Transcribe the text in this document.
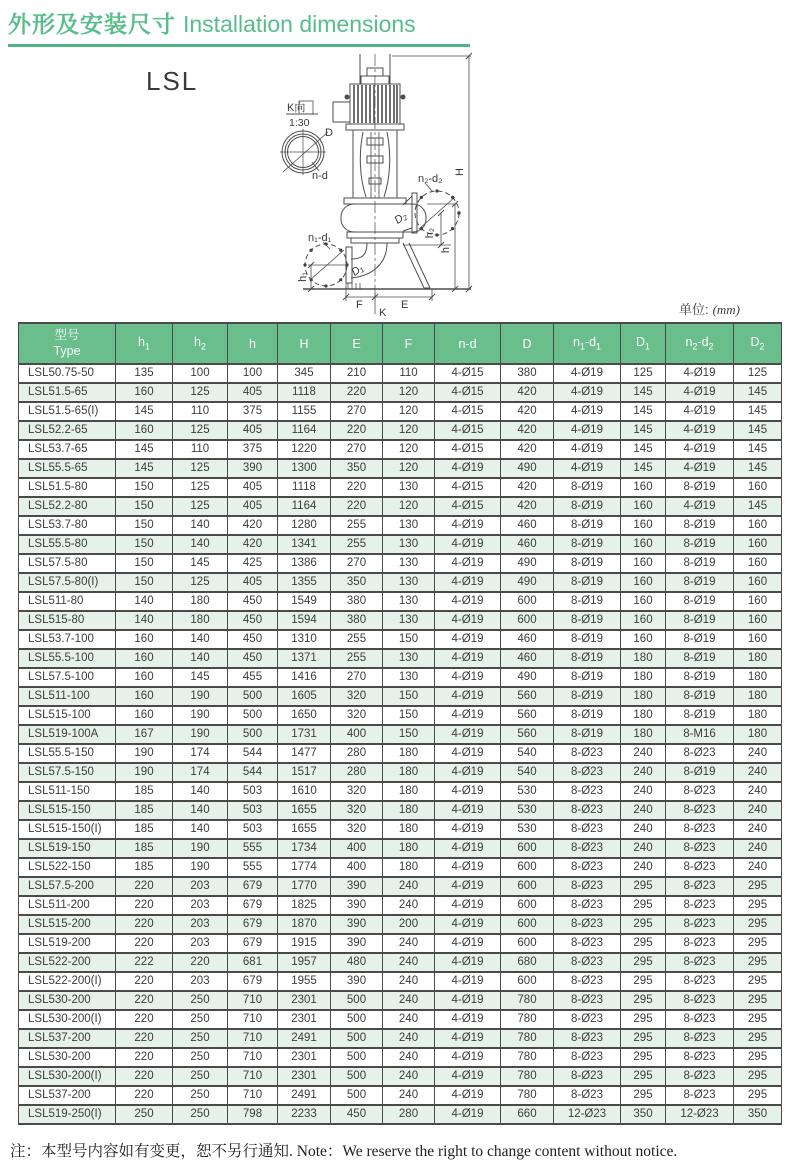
外形及安装尺寸 Installation dimensions
LSL
K向
1:30
D
n-d	n₂-d₂
D₂
h₂
h
H
n₁-d₁
D₁
h₁
F	E
K	单位: (mm)
型号
Type	$h_1$	$h_2$	h	H	E	F	n-d	D	$n_1-d_1$	$D_1$	$n_2-d_2$	$D_2$
LSL50.75-50	135	100	100	345	210	110	4-Ø15	380	4-Ø19	125	4-Ø19	125
LSL51.5-65	160	125	405	1118	220	120	4-Ø15	420	4-Ø19	145	4-Ø19	145
LSL51.5-65(I)	145	110	375	1155	270	120	4-Ø15	420	4-Ø19	145	4-Ø19	145
LSL52.2-65	160	125	405	1164	220	120	4-Ø15	420	4-Ø19	145	4-Ø19	145
LSL53.7-65	145	110	375	1220	270	120	4-Ø15	420	4-Ø19	145	4-Ø19	145
LSL55.5-65	145	125	390	1300	350	120	4-Ø19	490	4-Ø19	145	4-Ø19	145
LSL51.5-80	150	125	405	1118	220	130	4-Ø15	420	8-Ø19	160	8-Ø19	160
LSL52.2-80	150	125	405	1164	220	120	4-Ø15	420	8-Ø19	160	4-Ø19	145
LSL53.7-80	150	140	420	1280	255	130	4-Ø19	460	8-Ø19	160	8-Ø19	160
LSL55.5-80	150	140	420	1341	255	130	4-Ø19	460	8-Ø19	160	8-Ø19	160
LSL57.5-80	150	145	425	1386	270	130	4-Ø19	490	8-Ø19	160	8-Ø19	160
LSL57.5-80(I)	150	125	405	1355	350	130	4-Ø19	490	8-Ø19	160	8-Ø19	160
LSL511-80	140	180	450	1549	380	130	4-Ø19	600	8-Ø19	160	8-Ø19	160
LSL515-80	140	180	450	1594	380	130	4-Ø19	600	8-Ø19	160	8-Ø19	160
LSL53.7-100	160	140	450	1310	255	150	4-Ø19	460	8-Ø19	160	8-Ø19	160
LSL55.5-100	160	140	450	1371	255	130	4-Ø19	460	8-Ø19	180	8-Ø19	180
LSL57.5-100	160	145	455	1416	270	130	4-Ø19	490	8-Ø19	180	8-Ø19	180
LSL511-100	160	190	500	1605	320	150	4-Ø19	560	8-Ø19	180	8-Ø19	180
LSL515-100	160	190	500	1650	320	150	4-Ø19	560	8-Ø19	180	8-Ø19	180
LSL519-100A	167	190	500	1731	400	150	4-Ø19	560	8-Ø19	180	8-M16	180
LSL55.5-150	190	174	544	1477	280	180	4-Ø19	540	8-Ø23	240	8-Ø23	240
LSL57.5-150	190	174	544	1517	280	180	4-Ø19	540	8-Ø23	240	8-Ø19	240
LSL511-150	185	140	503	1610	320	180	4-Ø19	530	8-Ø23	240	8-Ø23	240
LSL515-150	185	140	503	1655	320	180	4-Ø19	530	8-Ø23	240	8-Ø23	240
LSL515-150(I)	185	140	503	1655	320	180	4-Ø19	530	8-Ø23	240	8-Ø23	240
LSL519-150	185	190	555	1734	400	180	4-Ø19	600	8-Ø23	240	8-Ø23	240
LSL522-150	185	190	555	1774	400	180	4-Ø19	600	8-Ø23	240	8-Ø23	240
LSL57.5-200	220	203	679	1770	390	240	4-Ø19	600	8-Ø23	295	8-Ø23	295
LSL511-200	220	203	679	1825	390	240	4-Ø19	600	8-Ø23	295	8-Ø23	295
LSL515-200	220	203	679	1870	390	200	4-Ø19	600	8-Ø23	295	8-Ø23	295
LSL519-200	220	203	679	1915	390	240	4-Ø19	600	8-Ø23	295	8-Ø23	295
LSL522-200	222	220	681	1957	480	240	4-Ø19	680	8-Ø23	295	8-Ø23	295
LSL522-200(I)	220	203	679	1955	390	240	4-Ø19	600	8-Ø23	295	8-Ø23	295
LSL530-200	220	250	710	2301	500	240	4-Ø19	780	8-Ø23	295	8-Ø23	295
LSL530-200(I)	220	250	710	2301	500	240	4-Ø19	780	8-Ø23	295	8-Ø23	295
LSL537-200	220	250	710	2491	500	240	4-Ø19	780	8-Ø23	295	8-Ø23	295
LSL530-200	220	250	710	2301	500	240	4-Ø19	780	8-Ø23	295	8-Ø23	295
LSL530-200(I)	220	250	710	2301	500	240	4-Ø19	780	8-Ø23	295	8-Ø23	295
LSL537-200	220	250	710	2491	500	240	4-Ø19	780	8-Ø23	295	8-Ø23	295
LSL519-250(I)	250	250	798	2233	450	280	4-Ø19	660	12-Ø23	350	12-Ø23	350
注：本型号内容如有变更，恕不另行通知. Note：We reserve the right to change content without notice.
